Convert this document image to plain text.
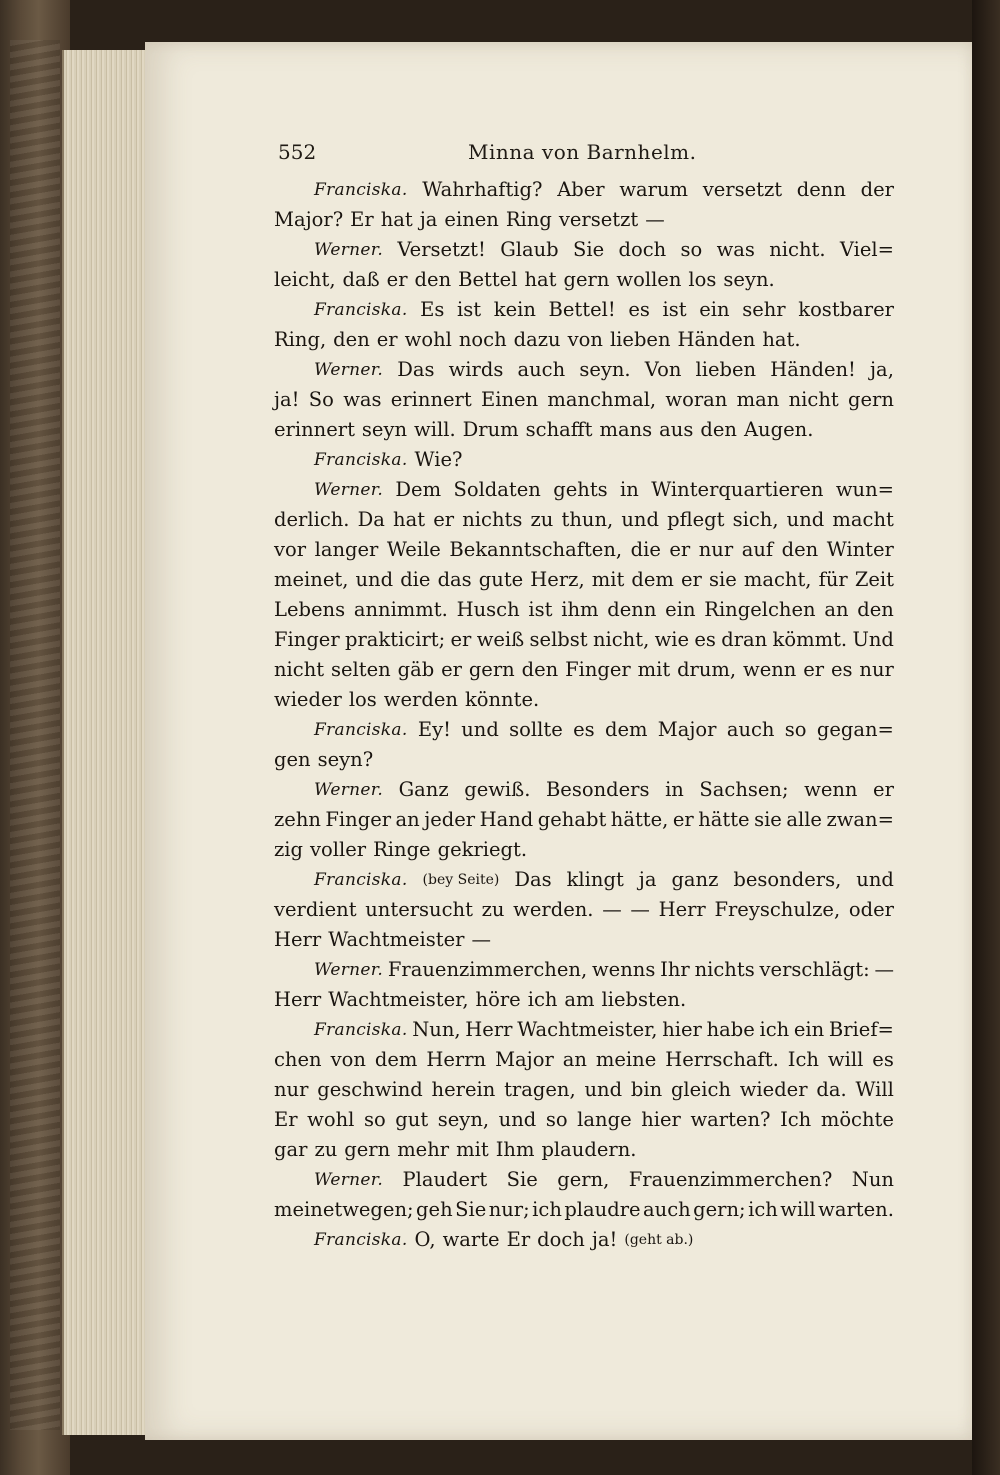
552	Minna von Barnhelm.
Franciska. Wahrhaftig? Aber warum versetzt denn der
Major? Er hat ja einen Ring versetzt —
Werner. Versetzt! Glaub Sie doch so was nicht. Viel=
leicht, daß er den Bettel hat gern wollen los seyn.
Franciska. Es ist kein Bettel! es ist ein sehr kostbarer
Ring, den er wohl noch dazu von lieben Händen hat.
Werner. Das wirds auch seyn. Von lieben Händen! ja,
ja! So was erinnert Einen manchmal, woran man nicht gern
erinnert seyn will. Drum schafft mans aus den Augen.
Franciska. Wie?
Werner. Dem Soldaten gehts in Winterquartieren wun=
derlich. Da hat er nichts zu thun, und pflegt sich, und macht
vor langer Weile Bekanntschaften, die er nur auf den Winter
meinet, und die das gute Herz, mit dem er sie macht, für Zeit
Lebens annimmt. Husch ist ihm denn ein Ringelchen an den
Finger prakticirt; er weiß selbst nicht, wie es dran kömmt. Und
nicht selten gäb er gern den Finger mit drum, wenn er es nur
wieder los werden könnte.
Franciska. Ey! und sollte es dem Major auch so gegan=
gen seyn?
Werner. Ganz gewiß. Besonders in Sachsen; wenn er
zehn Finger an jeder Hand gehabt hätte, er hätte sie alle zwan=
zig voller Ringe gekriegt.
Franciska. (bey Seite) Das klingt ja ganz besonders, und
verdient untersucht zu werden. — — Herr Freyschulze, oder
Herr Wachtmeister —
Werner. Frauenzimmerchen, wenns Ihr nichts verschlägt: —
Herr Wachtmeister, höre ich am liebsten.
Franciska. Nun, Herr Wachtmeister, hier habe ich ein Brief=
chen von dem Herrn Major an meine Herrschaft. Ich will es
nur geschwind herein tragen, und bin gleich wieder da. Will
Er wohl so gut seyn, und so lange hier warten? Ich möchte
gar zu gern mehr mit Ihm plaudern.
Werner. Plaudert Sie gern, Frauenzimmerchen? Nun
meinetwegen; geh Sie nur; ich plaudre auch gern; ich will warten.
Franciska. O, warte Er doch ja! (geht ab.)
